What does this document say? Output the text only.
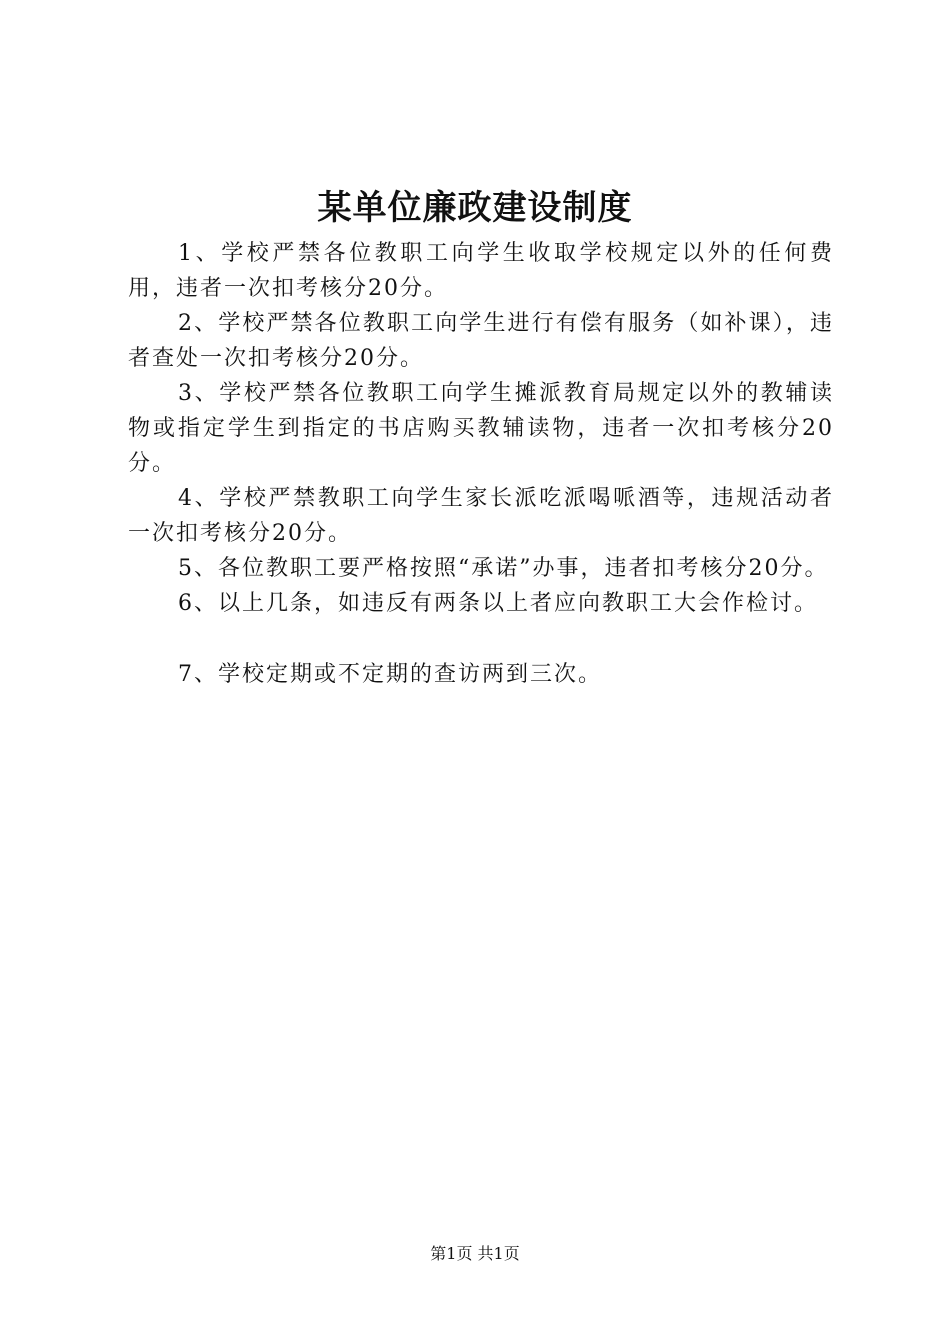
某单位廉政建设制度

1、学校严禁各位教职工向学生收取学校规定以外的任何费用，违者一次扣考核分20分。

2、学校严禁各位教职工向学生进行有偿有服务（如补课），违者查处一次扣考核分20分。

3、学校严禁各位教职工向学生摊派教育局规定以外的教辅读物或指定学生到指定的书店购买教辅读物，违者一次扣考核分20分。

4、学校严禁教职工向学生家长派吃派喝哌酒等，违规活动者一次扣考核分20分。

5、各位教职工要严格按照“承诺”办事，违者扣考核分20分。

6、以上几条，如违反有两条以上者应向教职工大会作检讨。

7、学校定期或不定期的查访两到三次。

第1页 共1页
